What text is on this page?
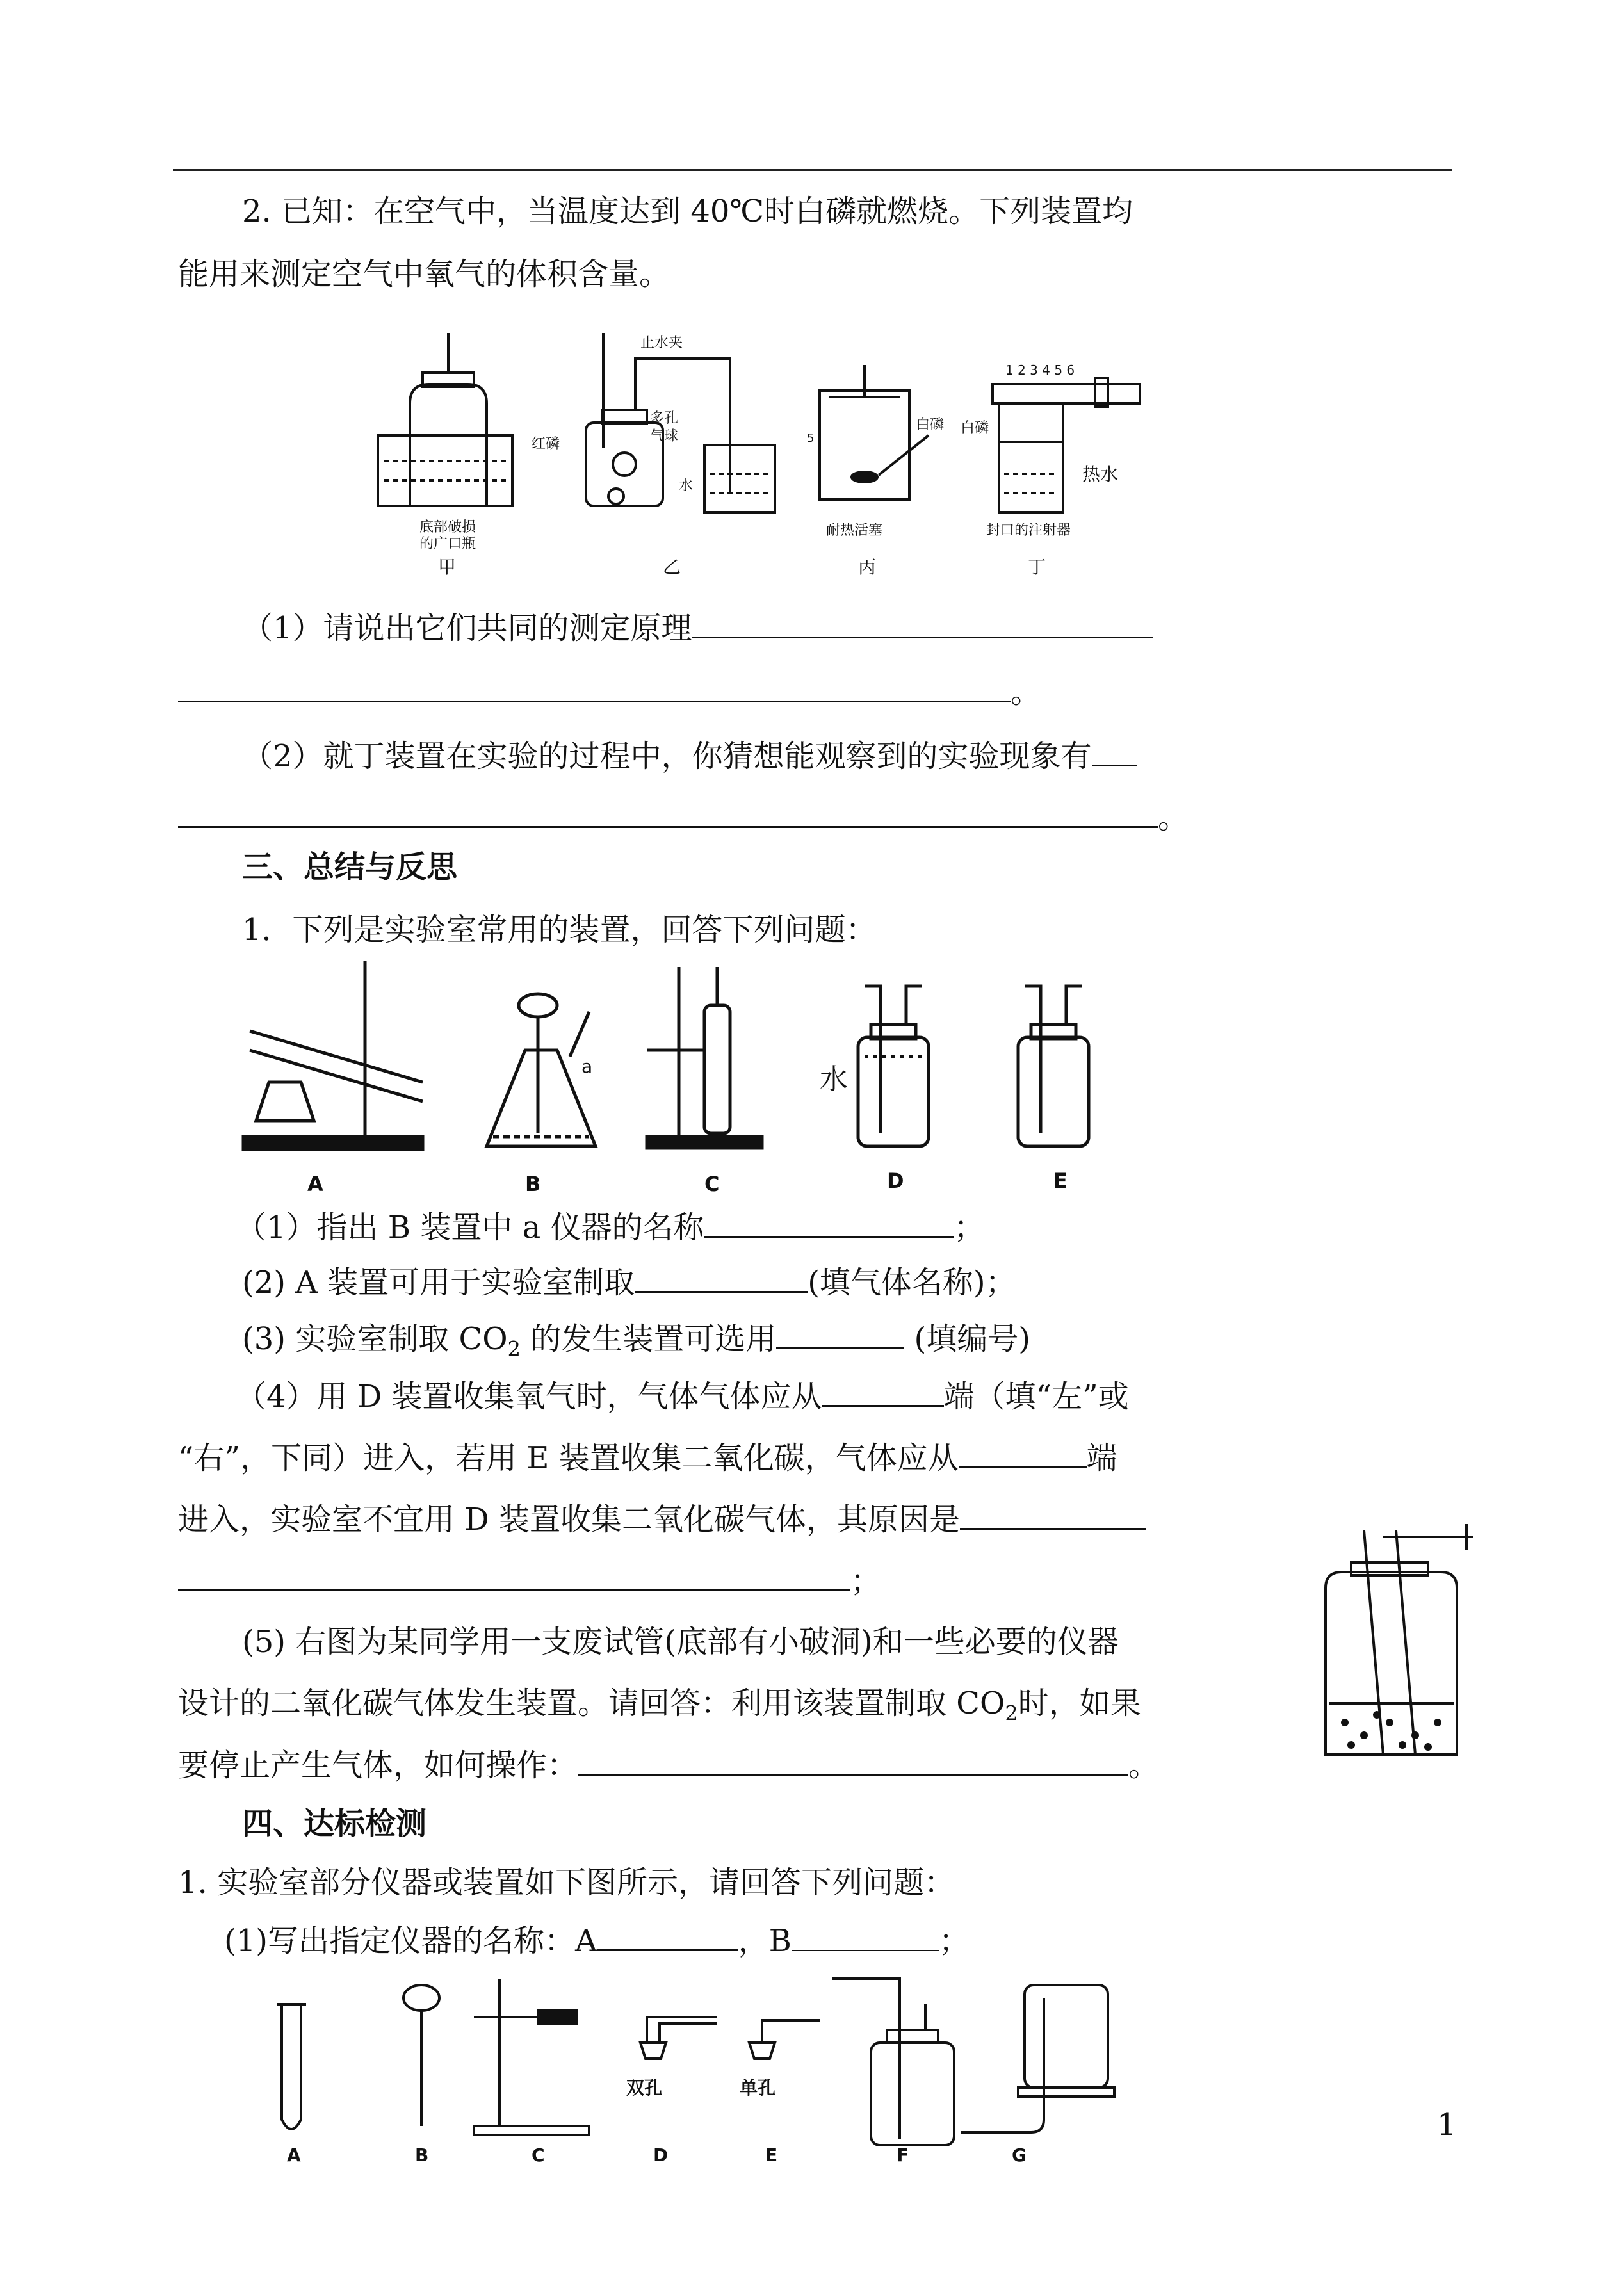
2. 已知：在空气中，当温度达到 40℃时白磷就燃烧。下列装置均
能用来测定空气中氧气的体积含量。
底部破损
的广口瓶
甲
止水夹
多孔
气球
红磷
水
乙
5
白磷
耐热活塞
丙
1 2 3 4 5 6
白磷
热水
封口的注射器
丁
（1）请说出它们共同的测定原理
。
（2）就丁装置在实验的过程中，你猜想能观察到的实验现象有
。
三、总结与反思
1．下列是实验室常用的装置，回答下列问题：
A	B	C	D	E
a	水
（1）指出 B 装置中 a 仪器的名称	；
(2) A 装置可用于实验室制取	(填气体名称)；
(3) 实验室制取 $CO_2$ 的发生装置可选用	(填编号)
（4）用 D 装置收集氧气时，气体气体应从	端（填“左”或
“右”，下同）进入，若用 E 装置收集二氧化碳，气体应从	端
进入，实验室不宜用 D 装置收集二氧化碳气体，其原因是
；
(5) 右图为某同学用一支废试管(底部有小破洞)和一些必要的仪器
设计的二氧化碳气体发生装置。请回答：利用该装置制取 $CO_2$时，如果
要停止产生气体，如何操作：	。
四、达标检测
1. 实验室部分仪器或装置如下图所示，请回答下列问题：
(1)写出指定仪器的名称：A	，B	；
A	B	C	D	E	F	G
双孔	单孔
1
